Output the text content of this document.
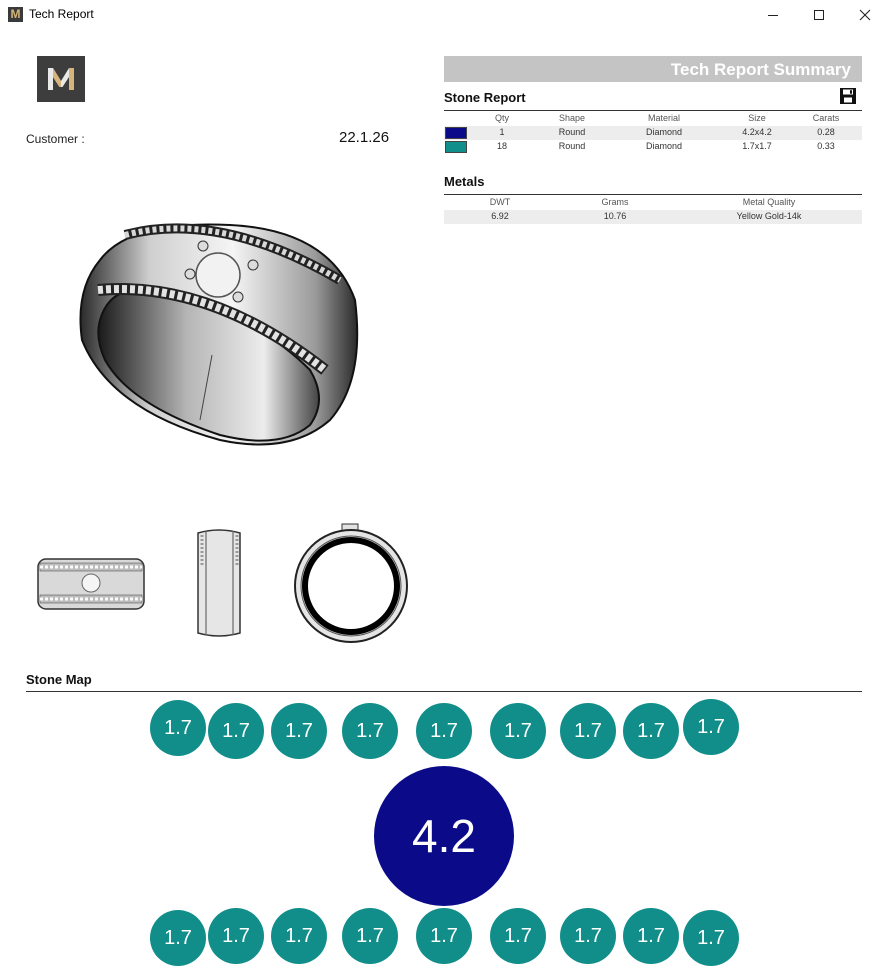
M Tech Report
Customer :	22.1.26
Tech Report Summary
Stone Report
Qty	Shape	Material	Size	Carats
1	Round	Diamond	4.2x4.2	0.28
18	Round	Diamond	1.7x1.7	0.33
Metals
DWT	Grams	Metal Quality
6.92	10.76	Yellow Gold-14k
Stone Map
1.7	1.7	1.7	1.7	1.7	1.7	1.7	1.7	1.7
4.2
1.7	1.7	1.7	1.7	1.7	1.7	1.7	1.7	1.7
